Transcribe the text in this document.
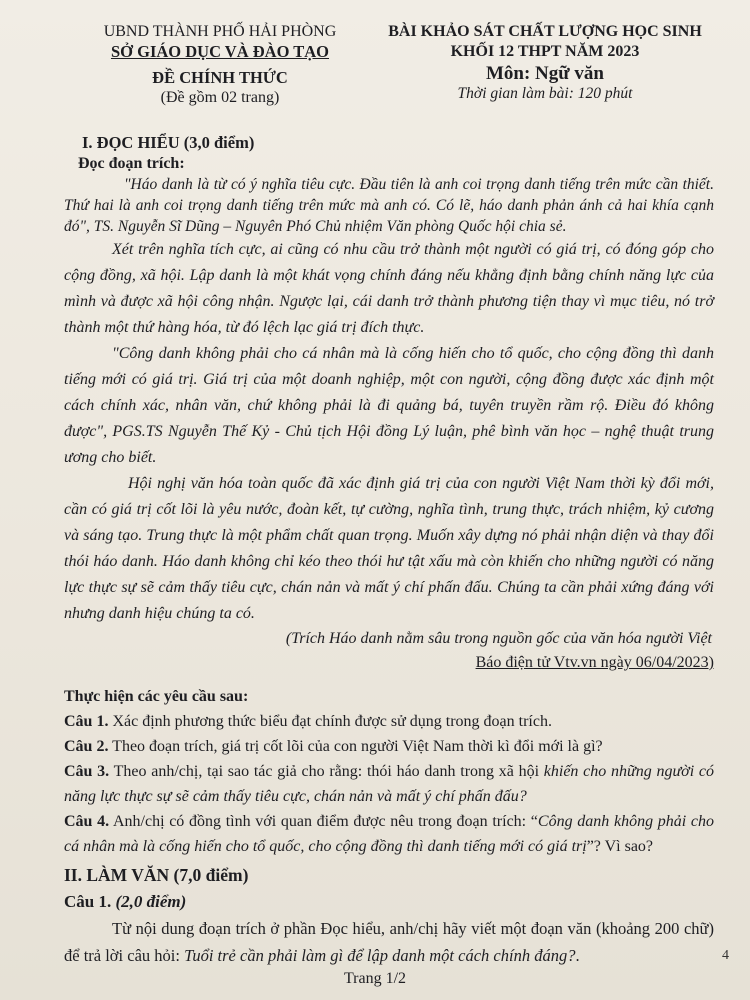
UBND THÀNH PHỐ HẢI PHÒNG
SỞ GIÁO DỤC VÀ ĐÀO TẠO
ĐỀ CHÍNH THỨC
(Đề gồm 02 trang)
BÀI KHẢO SÁT CHẤT LƯỢNG HỌC SINH
KHỐI 12 THPT NĂM 2023
Môn: Ngữ văn
Thời gian làm bài: 120 phút
I. ĐỌC HIỂU (3,0 điểm)
Đọc đoạn trích:

"Háo danh là từ có ý nghĩa tiêu cực. Đầu tiên là anh coi trọng danh tiếng trên mức cần thiết. Thứ hai là anh coi trọng danh tiếng trên mức mà anh có. Có lẽ, háo danh phản ánh cả hai khía cạnh đó", TS. Nguyễn Sĩ Dũng – Nguyên Phó Chủ nhiệm Văn phòng Quốc hội chia sẻ.

Xét trên nghĩa tích cực, ai cũng có nhu cầu trở thành một người có giá trị, có đóng góp cho cộng đồng, xã hội. Lập danh là một khát vọng chính đáng nếu khẳng định bằng chính năng lực của mình và được xã hội công nhận. Ngược lại, cái danh trở thành phương tiện thay vì mục tiêu, nó trở thành một thứ hàng hóa, từ đó lệch lạc giá trị đích thực.

"Công danh không phải cho cá nhân mà là cống hiến cho tổ quốc, cho cộng đồng thì danh tiếng mới có giá trị. Giá trị của một doanh nghiệp, một con người, cộng đồng được xác định một cách chính xác, nhân văn, chứ không phải là đi quảng bá, tuyên truyền rầm rộ. Điều đó không được", PGS.TS Nguyễn Thế Kỷ - Chủ tịch Hội đồng Lý luận, phê bình văn học – nghệ thuật trung ương cho biết.

Hội nghị văn hóa toàn quốc đã xác định giá trị của con người Việt Nam thời kỳ đổi mới, cần có giá trị cốt lõi là yêu nước, đoàn kết, tự cường, nghĩa tình, trung thực, trách nhiệm, kỷ cương và sáng tạo. Trung thực là một phẩm chất quan trọng. Muốn xây dựng nó phải nhận diện và thay đổi thói háo danh. Háo danh không chỉ kéo theo thói hư tật xấu mà còn khiến cho những người có năng lực thực sự sẽ cảm thấy tiêu cực, chán nản và mất ý chí phấn đấu. Chúng ta cần phải xứng đáng với nhưng danh hiệu chúng ta có.

(Trích Háo danh nằm sâu trong nguồn gốc của văn hóa người Việt
Báo điện tử Vtv.vn ngày 06/04/2023)
Thực hiện các yêu cầu sau:
Câu 1. Xác định phương thức biểu đạt chính được sử dụng trong đoạn trích.
Câu 2. Theo đoạn trích, giá trị cốt lõi của con người Việt Nam thời kì đổi mới là gì?
Câu 3. Theo anh/chị, tại sao tác giả cho rằng: thói háo danh trong xã hội khiến cho những người có năng lực thực sự sẽ cảm thấy tiêu cực, chán nản và mất ý chí phấn đấu?
Câu 4. Anh/chị có đồng tình với quan điểm được nêu trong đoạn trích: “Công danh không phải cho cá nhân mà là cống hiến cho tổ quốc, cho cộng đồng thì danh tiếng mới có giá trị”? Vì sao?
II. LÀM VĂN (7,0 điểm)
Câu 1. (2,0 điểm)
Từ nội dung đoạn trích ở phần Đọc hiểu, anh/chị hãy viết một đoạn văn (khoảng 200 chữ) để trả lời câu hỏi: Tuổi trẻ cần phải làm gì để lập danh một cách chính đáng?.	4
Trang 1/2
